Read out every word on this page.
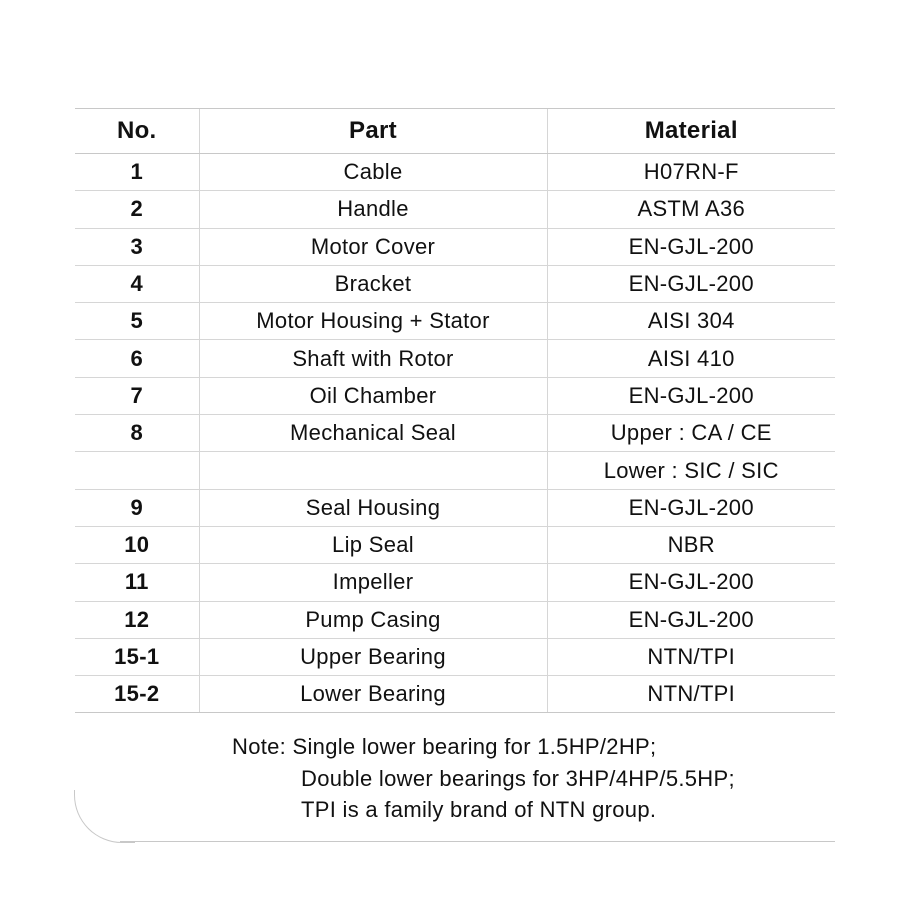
No.	Part	Material
1	Cable	H07RN-F
2	Handle	ASTM A36
3	Motor Cover	EN-GJL-200
4	Bracket	EN-GJL-200
5	Motor Housing + Stator	AISI 304
6	Shaft with Rotor	AISI 410
7	Oil Chamber	EN-GJL-200
8	Mechanical Seal	Upper : CA / CE
		Lower : SIC / SIC
9	Seal Housing	EN-GJL-200
10	Lip Seal	NBR
11	Impeller	EN-GJL-200
12	Pump Casing	EN-GJL-200
15-1	Upper Bearing	NTN/TPI
15-2	Lower Bearing	NTN/TPI
Note: Single lower bearing for 1.5HP/2HP;
Double lower bearings for 3HP/4HP/5.5HP;
TPI is a family brand of NTN group.
